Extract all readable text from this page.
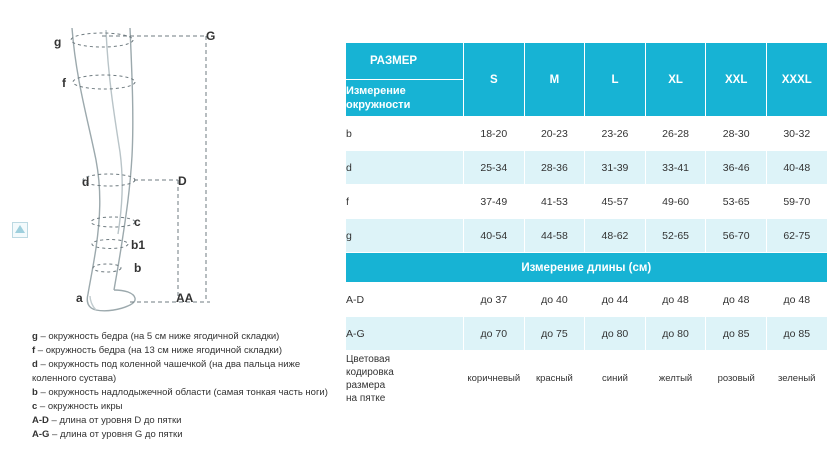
g
f
d
c
b1
b
a
G
D
AA

g – окружность бедра (на 5 см ниже ягодичной складки)

f – окружность бедра (на 13 см ниже ягодичной складки)

d – окружность под коленной чашечкой (на два пальца ниже коленного сустава)

b – окружность надлодыжечной области (самая тонкая часть ноги)

c – окружность икры

A-D – длина от уровня D до пятки

A-G – длина от уровня G до пятки

РАЗМЕР	S	M	L	XL	XXL	XXXL

Измерение
окружности						

b	18-20	20-23	23-26	26-28	28-30	30-32
d	25-34	28-36	31-39	33-41	36-46	40-48
f	37-49	41-53	45-57	49-60	53-65	59-70
g	40-54	44-58	48-62	52-65	56-70	62-75
Измерение длины (см)						
A-D	до 37	до 40	до 44	до 48	до 48	до 48
A-G	до 70	до 75	до 80	до 80	до 85	до 85

Цветовая
кодировка
размера
на пятке	коричневый	красный	синий	желтый	розовый	зеленый
